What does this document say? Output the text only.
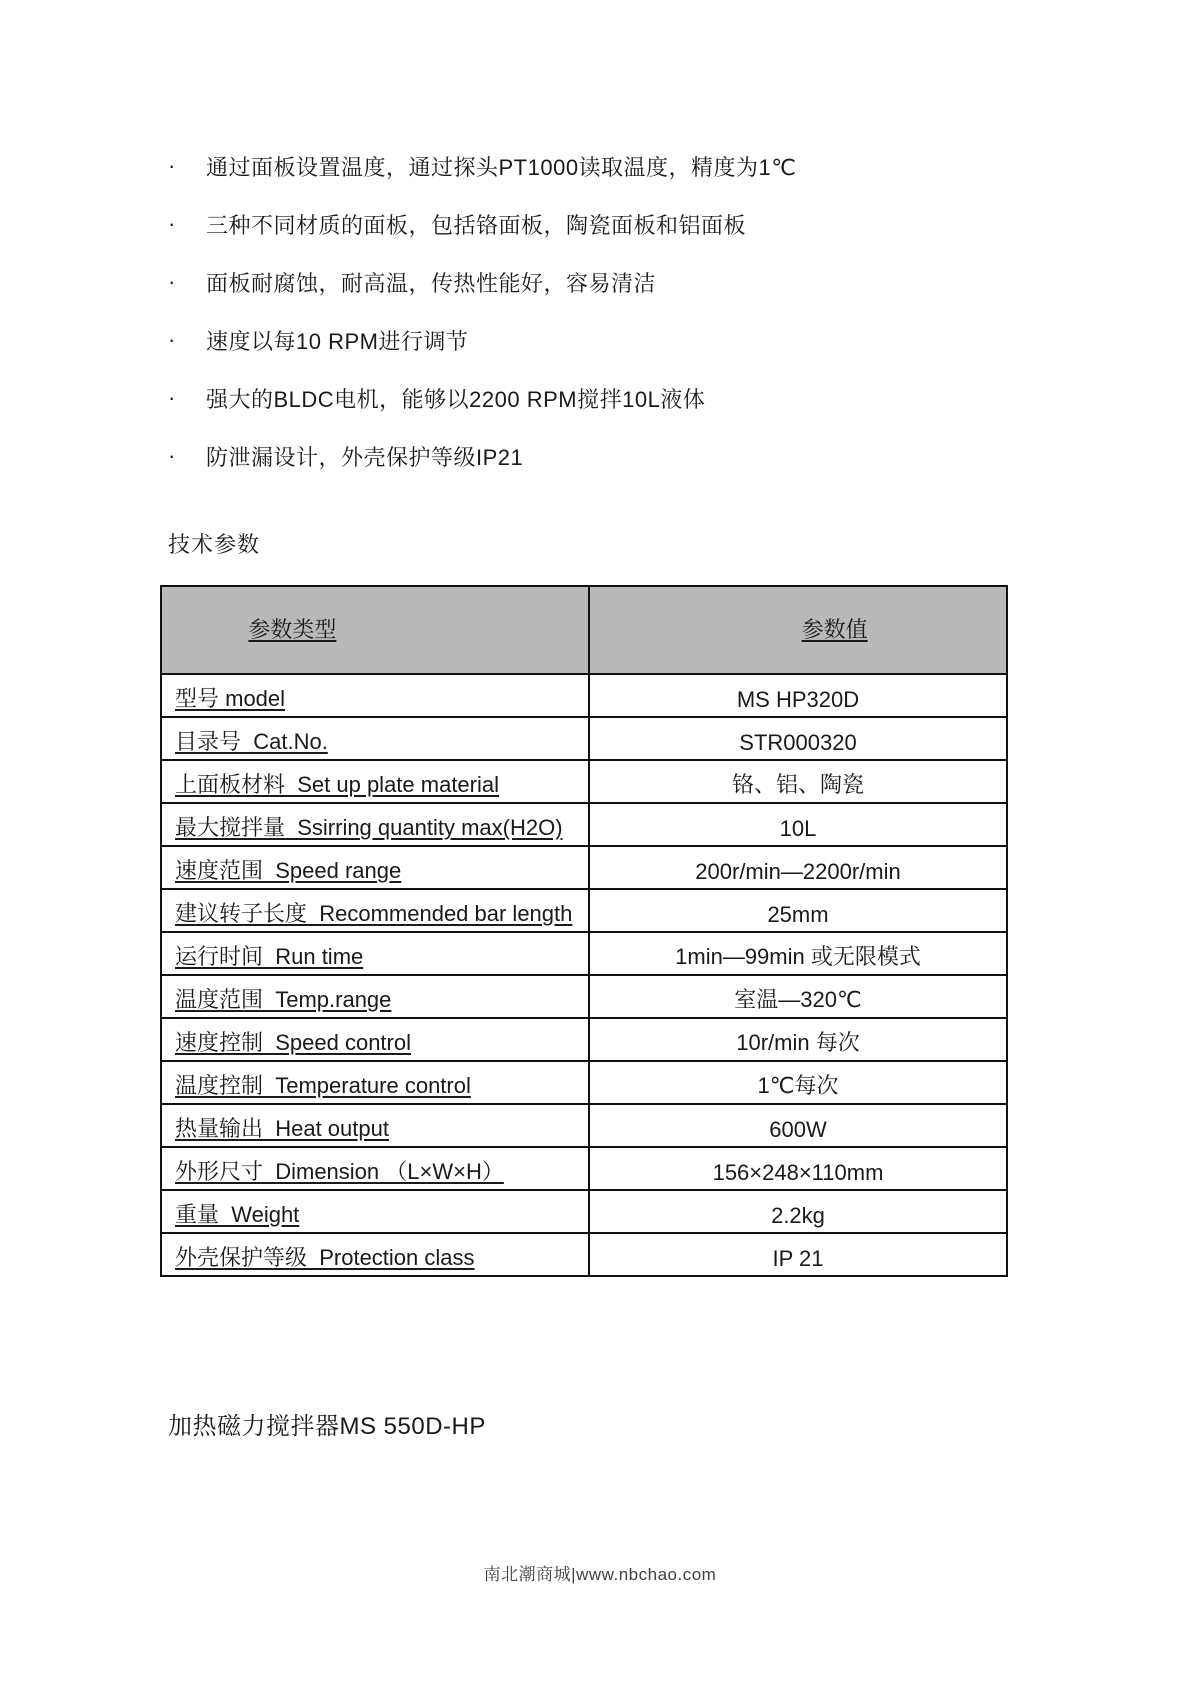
·	通过面板设置温度，通过探头PT1000读取温度，精度为1℃
·	三种不同材质的面板，包括铬面板，陶瓷面板和铝面板
·	面板耐腐蚀，耐高温，传热性能好，容易清洁
·	速度以每10 RPM进行调节
·	强大的BLDC电机，能够以2200 RPM搅拌10L液体
·	防泄漏设计，外壳保护等级IP21
技术参数

参数类型	参数值

型号 model	MS HP320D
目录号  Cat.No.	STR000320
上面板材料  Set up plate material	铬、铝、陶瓷
最大搅拌量  Ssirring quantity max(H2O)	10L
速度范围  Speed range	200r/min—2200r/min
建议转子长度  Recommended bar length	25mm
运行时间  Run time	1min—99min 或无限模式
温度范围  Temp.range	室温—320℃
速度控制  Speed control	10r/min 每次
温度控制  Temperature control	1℃每次
热量输出  Heat output	600W
外形尺寸  Dimension （L×W×H）	156×248×110mm
重量  Weight	2.2kg
外壳保护等级  Protection class	IP 21
加热磁力搅拌器MS 550D-HP
南北潮商城|www.nbchao.com
